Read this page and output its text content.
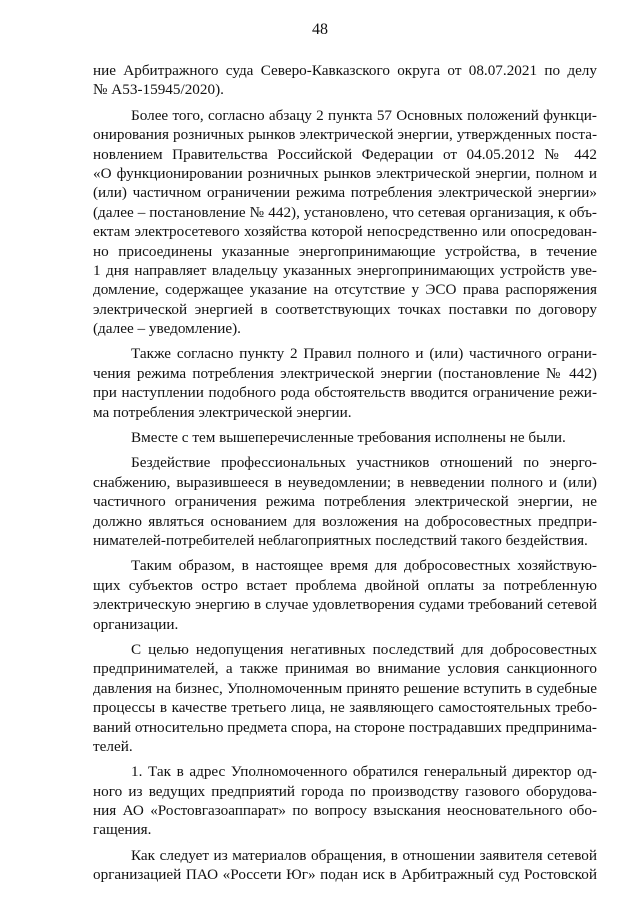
48
ние Арбитражного суда Северо-Кавказского округа от 08.07.2021 по делу
№ А53-15945/2020).
Более того, согласно абзацу 2 пункта 57 Основных положений функци-
онирования розничных рынков электрической энергии, утвержденных поста-
новлением Правительства Российской Федерации от 04.05.2012 № 442
«О функционировании розничных рынков электрической энергии, полном и
(или) частичном ограничении режима потребления электрической энергии»
(далее – постановление № 442), установлено, что сетевая организация, к объ-
ектам электросетевого хозяйства которой непосредственно или опосредован-
но присоединены указанные энергопринимающие устройства, в течение
1 дня направляет владельцу указанных энергопринимающих устройств уве-
домление, содержащее указание на отсутствие у ЭСО права распоряжения
электрической энергией в соответствующих точках поставки по договору
(далее – уведомление).
Также согласно пункту 2 Правил полного и (или) частичного ограни-
чения режима потребления электрической энергии (постановление № 442)
при наступлении подобного рода обстоятельств вводится ограничение режи-
ма потребления электрической энергии.
Вместе с тем вышеперечисленные требования исполнены не были.
Бездействие профессиональных участников отношений по энерго-
снабжению, выразившееся в неуведомлении; в невведении полного и (или)
частичного ограничения режима потребления электрической энергии, не
должно являться основанием для возложения на добросовестных предпри-
нимателей-потребителей неблагоприятных последствий такого бездействия.
Таким образом, в настоящее время для добросовестных хозяйствую-
щих субъектов остро встает проблема двойной оплаты за потребленную
электрическую энергию в случае удовлетворения судами требований сетевой
организации.
С целью недопущения негативных последствий для добросовестных
предпринимателей, а также принимая во внимание условия санкционного
давления на бизнес, Уполномоченным принято решение вступить в судебные
процессы в качестве третьего лица, не заявляющего самостоятельных требо-
ваний относительно предмета спора, на стороне пострадавших предпринима-
телей.
1. Так в адрес Уполномоченного обратился генеральный директор од-
ного из ведущих предприятий города по производству газового оборудова-
ния АО «Ростовгазоаппарат» по вопросу взыскания неосновательного обо-
гащения.
Как следует из материалов обращения, в отношении заявителя сетевой
организацией ПАО «Россети Юг» подан иск в Арбитражный суд Ростовской
